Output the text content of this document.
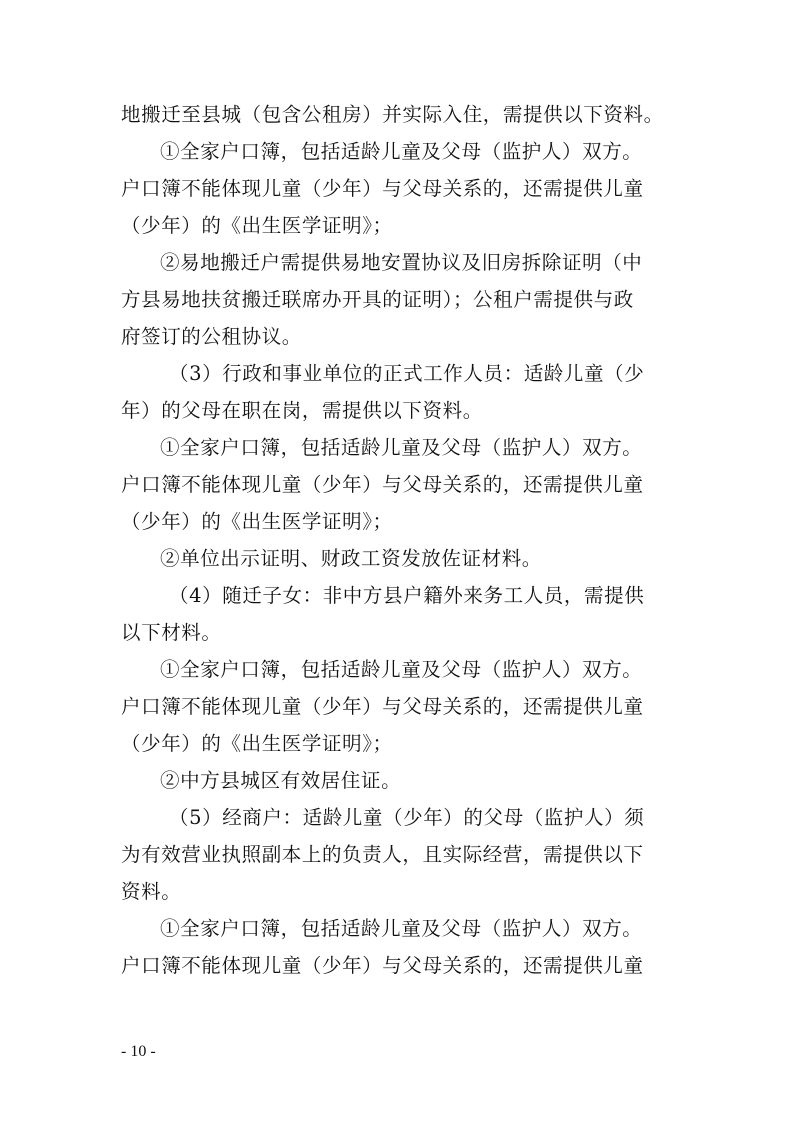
地搬迁至县城（包含公租房）并实际入住，需提供以下资料。

①全家户口簿，包括适龄儿童及父母（监护人）双方。

户口簿不能体现儿童（少年）与父母关系的，还需提供儿童

（少年）的《出生医学证明》；

②易地搬迁户需提供易地安置协议及旧房拆除证明（中

方县易地扶贫搬迁联席办开具的证明）；公租户需提供与政

府签订的公租协议。

（3）行政和事业单位的正式工作人员：适龄儿童（少

年）的父母在职在岗，需提供以下资料。

①全家户口簿，包括适龄儿童及父母（监护人）双方。

户口簿不能体现儿童（少年）与父母关系的，还需提供儿童

（少年）的《出生医学证明》；

②单位出示证明、财政工资发放佐证材料。

（4）随迁子女：非中方县户籍外来务工人员，需提供

以下材料。

①全家户口簿，包括适龄儿童及父母（监护人）双方。

户口簿不能体现儿童（少年）与父母关系的，还需提供儿童

（少年）的《出生医学证明》；

②中方县城区有效居住证。

（5）经商户：适龄儿童（少年）的父母（监护人）须

为有效营业执照副本上的负责人，且实际经营，需提供以下

资料。

①全家户口簿，包括适龄儿童及父母（监护人）双方。

户口簿不能体现儿童（少年）与父母关系的，还需提供儿童

- 10 -
